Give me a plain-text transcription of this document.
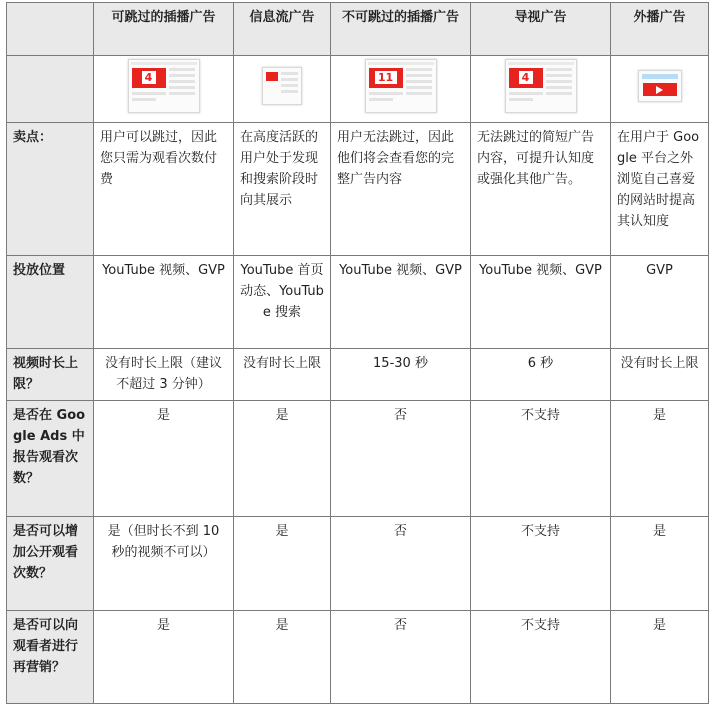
	可跳过的插播广告	信息流广告	不可跳过的插播广告	导视广告	外播广告

	4		11	4	

卖点：	用户可以跳过，因此您只需为观看次数付费	在高度活跃的用户处于发现和搜索阶段时向其展示	用户无法跳过，因此他们将会查看您的完整广告内容	无法跳过的简短广告内容，可提升认知度或强化其他广告。	在用户于 Google 平台之外浏览自己喜爱的网站时提高其认知度
投放位置	YouTube 视频、GVP	YouTube 首页动态、YouTube 搜索	YouTube 视频、GVP	YouTube 视频、GVP	GVP
视频时长上限？	没有时长上限（建议不超过 3 分钟）	没有时长上限	15-30 秒	6 秒	没有时长上限
是否在 Google Ads 中报告观看次数？	是	是	否	不支持	是
是否可以增加公开观看次数？	是（但时长不到 10 秒的视频不可以）	是	否	不支持	是
是否可以向观看者进行再营销？	是	是	否	不支持	是
